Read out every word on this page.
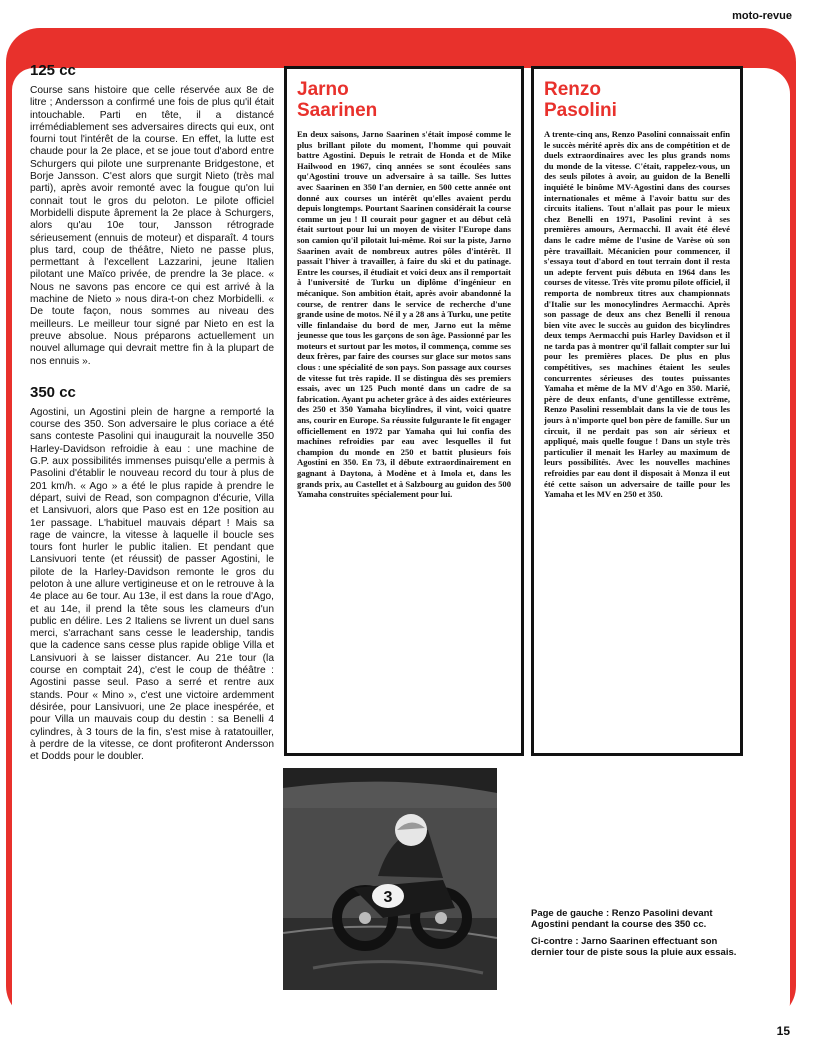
moto-revue
125 cc

Course sans histoire que celle réservée aux 8e de litre ; Andersson a confirmé une fois de plus qu'il était intouchable. Parti en tête, il a distancé irrémédiablement ses adversaires directs qui eux, ont fourni tout l'intérêt de la course. En effet, la lutte est chaude pour la 2e place, et se joue tout d'abord entre Schurgers qui pilote une surprenante Bridgestone, et Borje Jansson. C'est alors que surgit Nieto (très mal parti), après avoir remonté avec la fougue qu'on lui connait tout le gros du peloton. Le pilote officiel Morbidelli dispute âprement la 2e place à Schurgers, alors qu'au 10e tour, Jansson rétrograde sérieusement (ennuis de moteur) et disparaît. 4 tours plus tard, coup de théâtre, Nieto ne passe plus, permettant à l'excellent Lazzarini, jeune Italien pilotant une Maïco privée, de prendre la 3e place. « Nous ne savons pas encore ce qui est arrivé à la machine de Nieto » nous dira-t-on chez Morbidelli. « De toute façon, nous sommes au niveau des meilleurs. Le meilleur tour signé par Nieto en est la preuve absolue. Nous préparons actuellement un nouvel allumage qui devrait mettre fin à la plupart de nos ennuis ».

350 cc

Agostini, un Agostini plein de hargne a remporté la course des 350. Son adversaire le plus coriace a été sans conteste Pasolini qui inaugurait la nouvelle 350 Harley-Davidson refroidie à eau : une machine de G.P. aux possibilités immenses puisqu'elle a permis à Pasolini d'établir le nouveau record du tour à plus de 201 km/h. « Ago » a été le plus rapide à prendre le départ, suivi de Read, son compagnon d'écurie, Villa et Lansivuori, alors que Paso est en 12e position au 1er passage. L'habituel mauvais départ ! Mais sa rage de vaincre, la vitesse à laquelle il boucle ses tours font hurler le public italien. Et pendant que Lansivuori tente (et réussit) de passer Agostini, le pilote de la Harley-Davidson remonte le gros du peloton à une allure vertigineuse et on le retrouve à la 4e place au 6e tour. Au 13e, il est dans la roue d'Ago, et au 14e, il prend la tête sous les clameurs d'un public en délire. Les 2 Italiens se livrent un duel sans merci, s'arrachant sans cesse le leadership, tandis que la cadence sans cesse plus rapide oblige Villa et Lansivuori à se laisser distancer. Au 21e tour (la course en comptait 24), c'est le coup de théâtre : Agostini passe seul. Paso a serré et rentre aux stands. Pour « Mino », c'est une victoire ardemment désirée, pour Lansivuori, une 2e place inespérée, et pour Villa un mauvais coup du destin : sa Benelli 4 cylindres, à 3 tours de la fin, s'est mise à ratatouiller, à perdre de la vitesse, ce dont profiteront Andersson et Dodds pour le doubler.

Jarno
Saarinen

En deux saisons, Jarno Saarinen s'était imposé comme le plus brillant pilote du moment, l'homme qui pouvait battre Agostini. Depuis le retrait de Honda et de Mike Hailwood en 1967, cinq années se sont écoulées sans qu'Agostini trouve un adversaire à sa taille. Ses luttes avec Saarinen en 350 l'an dernier, en 500 cette année ont donné aux courses un intérêt qu'elles avaient perdu depuis longtemps. Pourtant Saarinen considérait la course comme un jeu ! Il courait pour gagner et au début celà était surtout pour lui un moyen de visiter l'Europe dans son camion qu'il pilotait lui-même. Roi sur la piste, Jarno Saarinen avait de nombreux autres pôles d'intérêt. Il passait l'hiver à travailler, à faire du ski et du patinage. Entre les courses, il étudiait et voici deux ans il remportait à l'université de Turku un diplôme d'ingénieur en mécanique. Son ambition était, après avoir abandonné la course, de rentrer dans le service de recherche d'une grande usine de motos. Né il y a 28 ans à Turku, une petite ville finlandaise du bord de mer, Jarno eut la même jeunesse que tous les garçons de son âge. Passionné par les moteurs et surtout par les motos, il commença, comme ses deux frères, par faire des courses sur glace sur motos sans clous : une spécialité de son pays. Son passage aux courses de vitesse fut très rapide. Il se distingua dès ses premiers essais, avec un 125 Puch monté dans un cadre de sa fabrication. Ayant pu acheter grâce à des aides extérieures des 250 et 350 Yamaha bicylindres, il vint, voici quatre ans, courir en Europe. Sa réussite fulgurante le fit engager officiellement en 1972 par Yamaha qui lui confia des machines refroidies par eau avec lesquelles il fut champion du monde en 250 et battit plusieurs fois Agostini en 350. En 73, il débute extraordinairement en gagnant à Daytona, à Modène et à Imola et, dans les grands prix, au Castellet et à Salzbourg au guidon des 500 Yamaha construites spécialement pour lui.

Renzo
Pasolini

A trente-cinq ans, Renzo Pasolini connaissait enfin le succès mérité après dix ans de compétition et de duels extraordinaires avec les plus grands noms du monde de la vitesse. C'était, rappelez-vous, un des seuls pilotes à avoir, au guidon de la Benelli inquiété le binôme MV-Agostini dans des courses internationales et même à l'avoir battu sur des circuits italiens. Tout n'allait pas pour le mieux chez Benelli en 1971, Pasolini revint à ses premières amours, Aermacchi. Il avait été élevé dans le cadre même de l'usine de Varèse où son père travaillait. Mécanicien pour commencer, il s'essaya tout d'abord en tout terrain dont il resta un adepte fervent puis débuta en 1964 dans les courses de vitesse. Très vite promu pilote officiel, il remporta de nombreux titres aux championnats d'Italie sur les monocylindres Aermacchi. Après son passage de deux ans chez Benelli il renoua bien vite avec le succès au guidon des bicylindres deux temps Aermacchi puis Harley Davidson et il ne tarda pas à montrer qu'il fallait compter sur lui pour les premières places. De plus en plus compétitives, ses machines étaient les seules concurrentes sérieuses des toutes puissantes Yamaha et même de la MV d'Ago en 350. Marié, père de deux enfants, d'une gentillesse extrême, Renzo Pasolini ressemblait dans la vie de tous les jours à n'importe quel bon père de famille. Sur un circuit, il ne perdait pas son air sérieux et appliqué, mais quelle fougue ! Dans un style très particulier il menait les Harley au maximum de leurs possibilités. Avec les nouvelles machines refroidies par eau dont il disposait à Monza il eut été cette saison un adversaire de taille pour les Yamaha et les MV en 250 et 350.

3

Page de gauche : Renzo Pasolini devant Agostini pendant la course des 350 cc.

Ci-contre : Jarno Saarinen effectuant son dernier tour de piste sous la pluie aux essais.

15
